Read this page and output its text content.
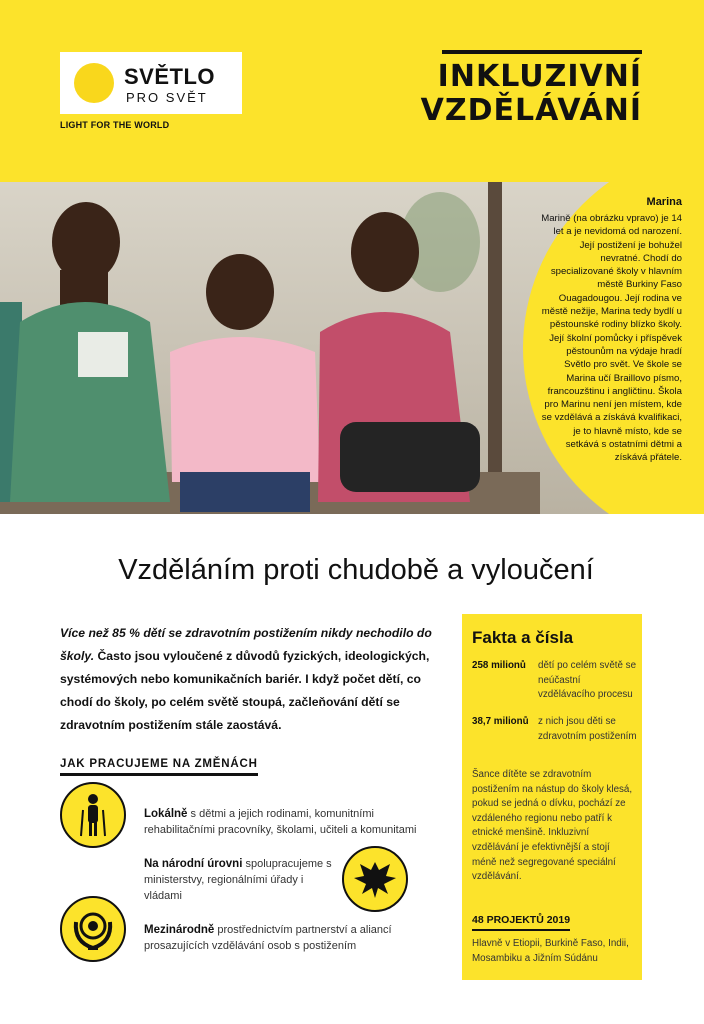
SVĚTLO
PRO SVĚT
LIGHT FOR THE WORLD
INKLUZIVNÍ
VZDĚLÁVÁNÍ
Marina
Marině (na obrázku vpravo) je 14 let a je nevidomá od narození. Její postižení je bohužel nevratné. Chodí do specializované školy v hlavním městě Burkiny Faso Ouagadougou. Její rodina ve městě nežije, Marina tedy bydlí u pěstounské rodiny blízko školy. Její školní pomůcky i příspěvek pěstounům na výdaje hradí Světlo pro svět. Ve škole se Marina učí Braillovo písmo, francouzštinu i angličtinu. Škola pro Marinu není jen místem, kde se vzdělává a získává kvalifikaci, je to hlavně místo, kde se setkává s ostatními dětmi a získává přátele.
Vzděláním proti chudobě a vyloučení
Více než 85 % dětí se zdravotním postižením nikdy nechodilo do školy. Často jsou vyloučené z důvodů fyzických, ideologických, systémových nebo komunikačních bariér. I když počet dětí, co chodí do školy, po celém světě stoupá, začleňování dětí se zdravotním postižením stále zaostává.
JAK PRACUJEME NA ZMĚNÁCH
Lokálně s dětmi a jejich rodinami, komunitními rehabilitačními pracovníky, školami, učiteli a komunitami
Na národní úrovni spolupracujeme s ministerstvy, regionálními úřady i vládami
Mezinárodně prostřednictvím partnerství a aliancí prosazujících vzdělávání osob s postižením
Fakta a čísla
258 milionů dětí po celém světě se neúčastní vzdělávacího procesu
38,7 milionů z nich jsou děti se zdravotním postižením
Šance dítěte se zdravotním postižením na nástup do školy klesá, pokud se jedná o dívku, pochází ze vzdáleného regionu nebo patří k etnické menšině. Inkluzivní vzdělávání je efektivnější a stojí méně než segregované speciální vzdělávání.
48 PROJEKTŮ 2019
Hlavně v Etiopii, Burkině Faso, Indii, Mosambiku a Jižním Súdánu
